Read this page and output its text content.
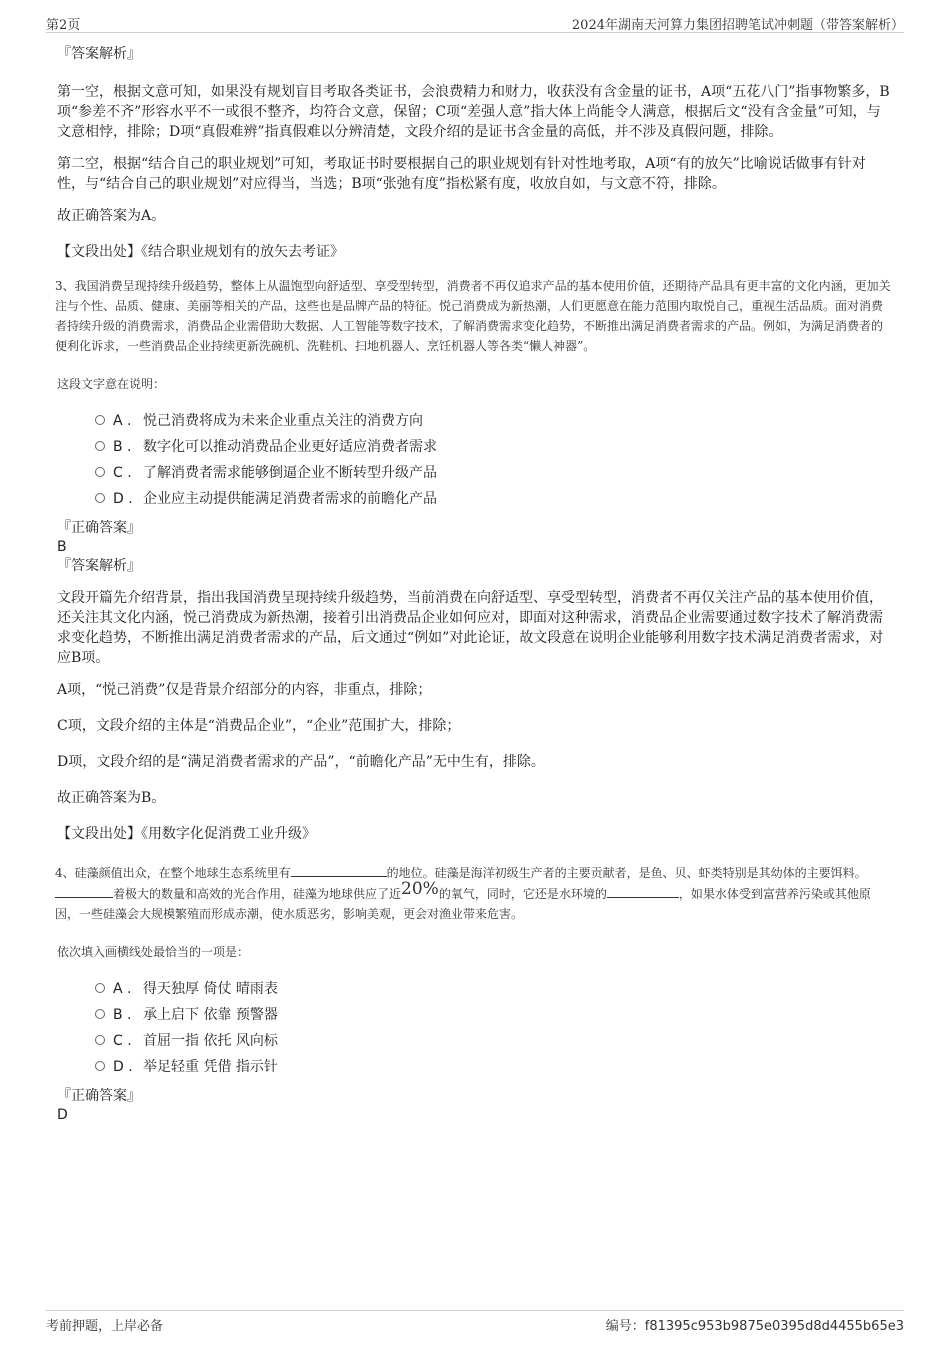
第2页	2024年湖南天河算力集团招聘笔试冲刺题（带答案解析）
『答案解析』

第一空，根据文意可知，如果没有规划盲目考取各类证书，会浪费精力和财力，收获没有含金量的证书，A项“五花八门”指事物繁多，B项“参差不齐”形容水平不一或很不整齐，均符合文意，保留；C项“差强人意”指大体上尚能令人满意，根据后文“没有含金量”可知，与文意相悖，排除；D项“真假难辨”指真假难以分辨清楚，文段介绍的是证书含金量的高低，并不涉及真假问题，排除。

第二空，根据“结合自己的职业规划”可知，考取证书时要根据自己的职业规划有针对性地考取，A项“有的放矢”比喻说话做事有针对性，与“结合自己的职业规划”对应得当，当选；B项“张弛有度”指松紧有度，收放自如，与文意不符，排除。

故正确答案为A。

【文段出处】《结合职业规划有的放矢去考证》

3、我国消费呈现持续升级趋势，整体上从温饱型向舒适型、享受型转型，消费者不再仅追求产品的基本使用价值，还期待产品具有更丰富的文化内涵，更加关注与个性、品质、健康、美丽等相关的产品，这些也是品牌产品的特征。悦己消费成为新热潮，人们更愿意在能力范围内取悦自己，重视生活品质。面对消费者持续升级的消费需求，消费品企业需借助大数据、人工智能等数字技术，了解消费需求变化趋势，不断推出满足消费者需求的产品。例如，为满足消费者的便利化诉求，一些消费品企业持续更新洗碗机、洗鞋机、扫地机器人、烹饪机器人等各类“懒人神器”。

这段文字意在说明：

A . 悦己消费将成为未来企业重点关注的消费方向
B . 数字化可以推动消费品企业更好适应消费者需求
C . 了解消费者需求能够倒逼企业不断转型升级产品
D . 企业应主动提供能满足消费者需求的前瞻化产品
『正确答案』
B
『答案解析』

文段开篇先介绍背景，指出我国消费呈现持续升级趋势，当前消费在向舒适型、享受型转型，消费者不再仅关注产品的基本使用价值，还关注其文化内涵，悦己消费成为新热潮，接着引出消费品企业如何应对，即面对这种需求，消费品企业需要通过数字技术了解消费需求变化趋势，不断推出满足消费者需求的产品，后文通过“例如”对此论证，故文段意在说明企业能够利用数字技术满足消费者需求，对应B项。

A项，“悦己消费”仅是背景介绍部分的内容，非重点，排除；

C项，文段介绍的主体是“消费品企业”，“企业”范围扩大，排除；

D项，文段介绍的是“满足消费者需求的产品”，“前瞻化产品”无中生有，排除。

故正确答案为B。

【文段出处】《用数字化促消费工业升级》

4、硅藻颜值出众，在整个地球生态系统里有	的地位。硅藻是海洋初级生产者的主要贡献者，是鱼、贝、虾类特别是其幼体的主要饵料。着极大的数量和高效的光合作用，硅藻为地球供应了近20%的氧气，同时，它还是水环境的	，如果水体受到富营养污染或其他原因，一些硅藻会大规模繁殖而形成赤潮，使水质恶劣，影响美观，更会对渔业带来危害。

依次填入画横线处最恰当的一项是：

A . 得天独厚 倚仗 晴雨表
B . 承上启下 依靠 预警器
C . 首屈一指 依托 风向标
D . 举足轻重 凭借 指示针
『正确答案』
D
考前押题，上岸必备	编号：f81395c953b9875e0395d8d4455b65e3
